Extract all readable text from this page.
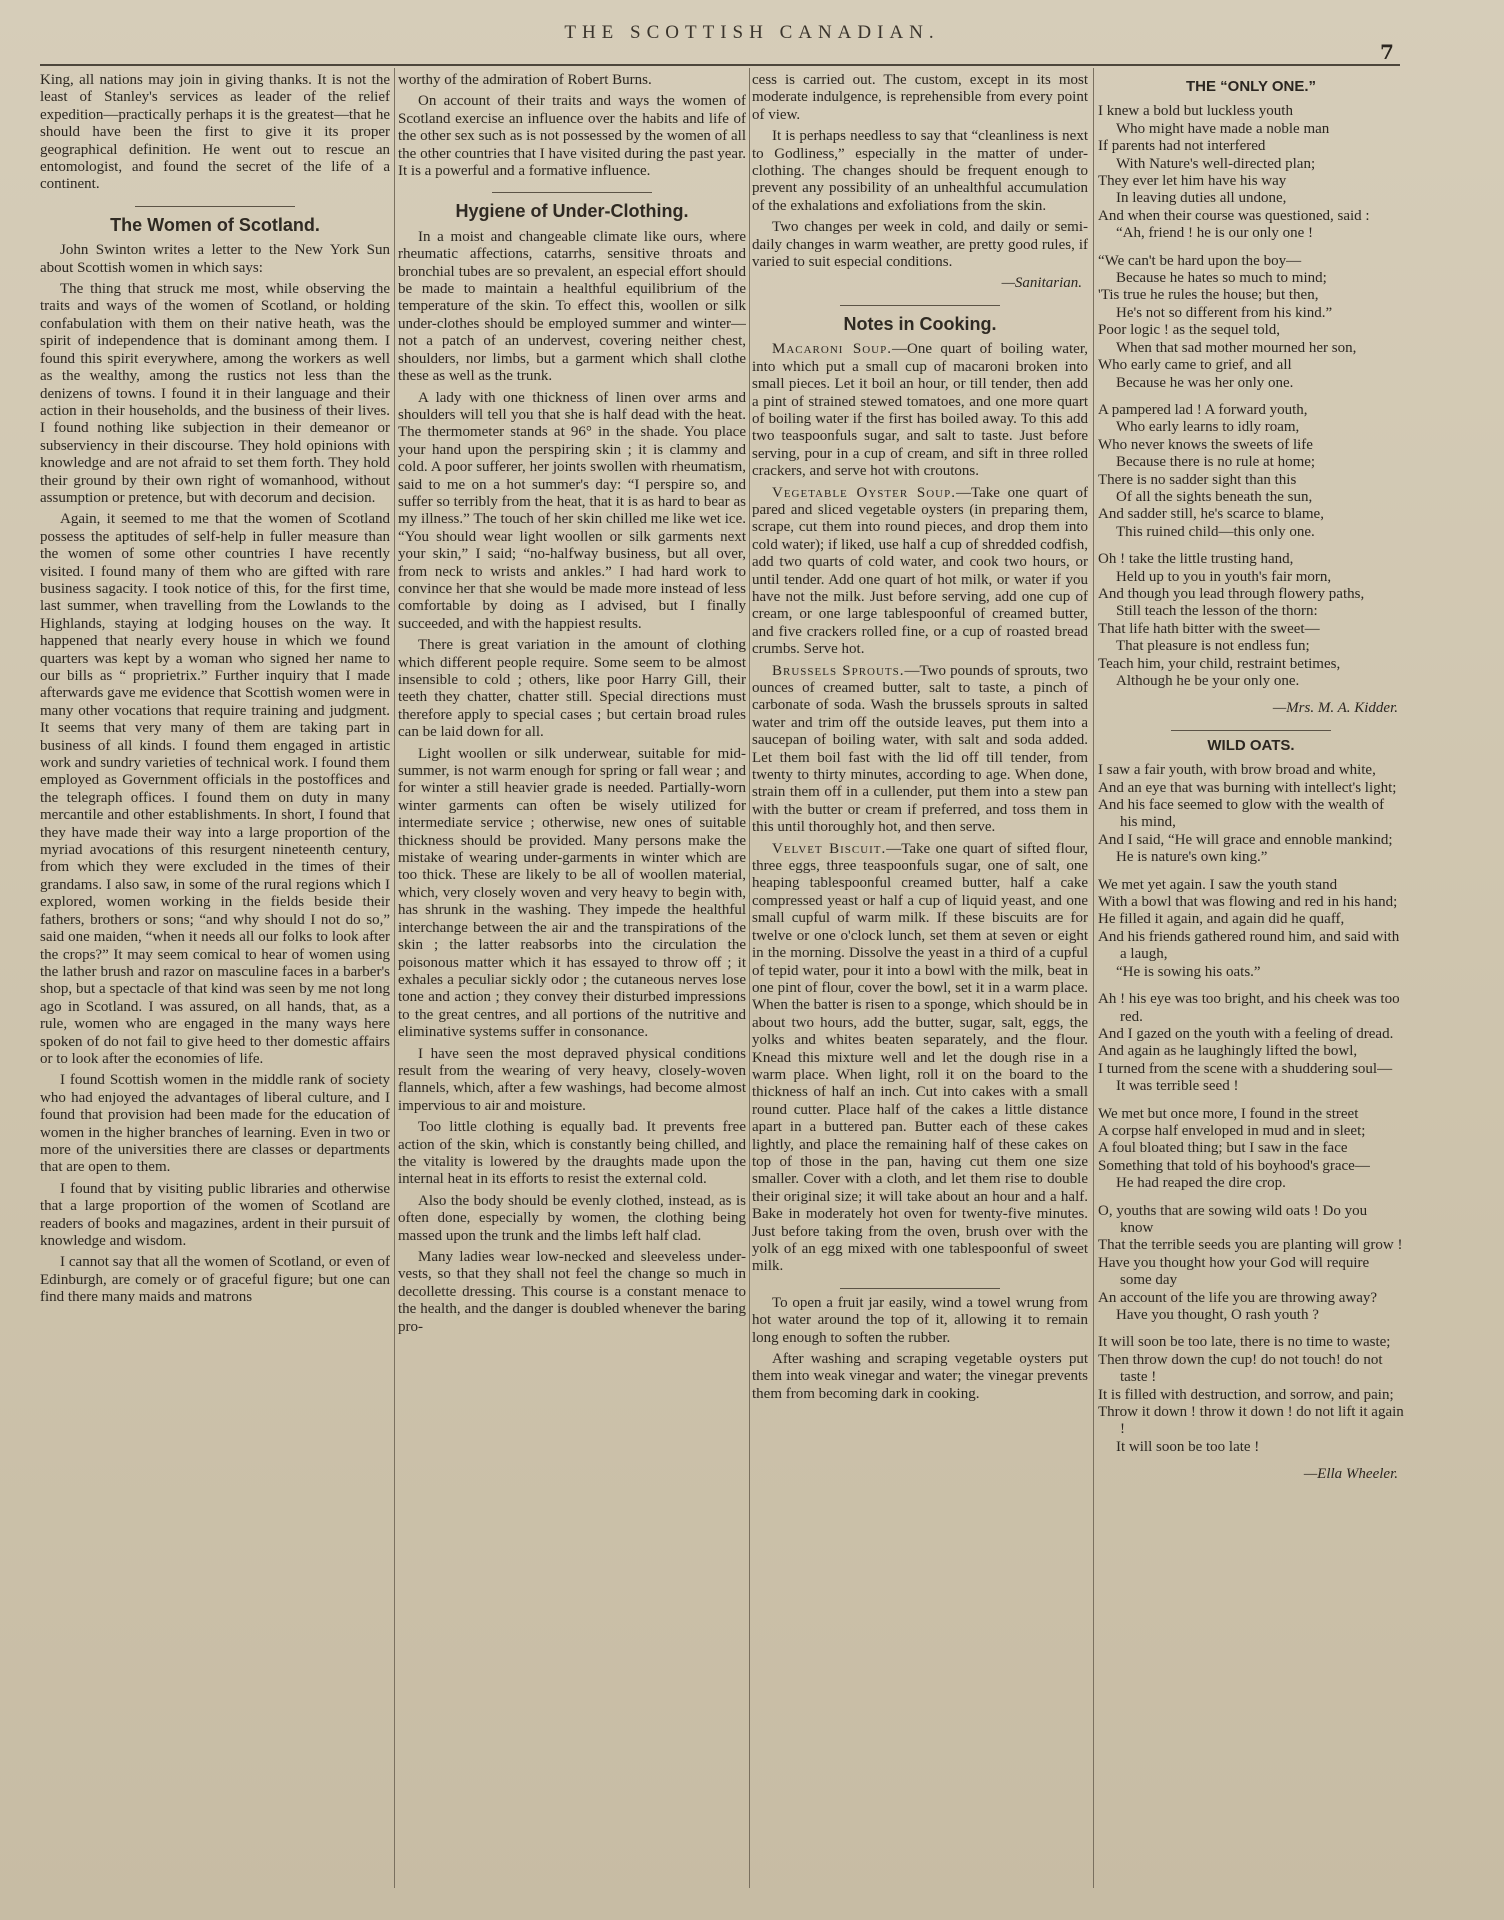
THE SCOTTISH CANADIAN.
7

King, all nations may join in giving thanks. It is not the least of Stanley's services as leader of the relief expedition—practically perhaps it is the greatest—that he should have been the first to give it its proper geographical definition. He went out to rescue an entomologist, and found the secret of the life of a continent.

The Women of Scotland.

John Swinton writes a letter to the New York Sun about Scottish women in which says:

The thing that struck me most, while observing the traits and ways of the women of Scotland, or holding confabulation with them on their native heath, was the spirit of independence that is dominant among them. I found this spirit everywhere, among the workers as well as the wealthy, among the rustics not less than the denizens of towns. I found it in their language and their action in their households, and the business of their lives. I found nothing like subjection in their demeanor or subserviency in their discourse. They hold opinions with knowledge and are not afraid to set them forth. They hold their ground by their own right of womanhood, without assumption or pretence, but with decorum and decision.

Again, it seemed to me that the women of Scotland possess the aptitudes of self-help in fuller measure than the women of some other countries I have recently visited. I found many of them who are gifted with rare business sagacity. I took notice of this, for the first time, last summer, when travelling from the Lowlands to the Highlands, staying at lodging houses on the way. It happened that nearly every house in which we found quarters was kept by a woman who signed her name to our bills as “ proprietrix.” Further inquiry that I made afterwards gave me evidence that Scottish women were in many other vocations that require training and judgment. It seems that very many of them are taking part in business of all kinds. I found them engaged in artistic work and sundry varieties of technical work. I found them employed as Government officials in the postoffices and the telegraph offices. I found them on duty in many mercantile and other establishments. In short, I found that they have made their way into a large proportion of the myriad avocations of this resurgent nineteenth century, from which they were excluded in the times of their grandams. I also saw, in some of the rural regions which I explored, women working in the fields beside their fathers, brothers or sons; “and why should I not do so,” said one maiden, “when it needs all our folks to look after the crops?” It may seem comical to hear of women using the lather brush and razor on masculine faces in a barber's shop, but a spectacle of that kind was seen by me not long ago in Scotland. I was assured, on all hands, that, as a rule, women who are engaged in the many ways here spoken of do not fail to give heed to ther domestic affairs or to look after the economies of life.

I found Scottish women in the middle rank of society who had enjoyed the advantages of liberal culture, and I found that provision had been made for the education of women in the higher branches of learning. Even in two or more of the universities there are classes or departments that are open to them.

I found that by visiting public libraries and otherwise that a large proportion of the women of Scotland are readers of books and magazines, ardent in their pursuit of knowledge and wisdom.

I cannot say that all the women of Scotland, or even of Edinburgh, are comely or of graceful figure; but one can find there many maids and matrons

worthy of the admiration of Robert Burns.

On account of their traits and ways the women of Scotland exercise an influence over the habits and life of the other sex such as is not possessed by the women of all the other countries that I have visited during the past year. It is a powerful and a formative influence.

Hygiene of Under-Clothing.

In a moist and changeable climate like ours, where rheumatic affections, catarrhs, sensitive throats and bronchial tubes are so prevalent, an especial effort should be made to maintain a healthful equilibrium of the temperature of the skin. To effect this, woollen or silk under-clothes should be employed summer and winter—not a patch of an undervest, covering neither chest, shoulders, nor limbs, but a garment which shall clothe these as well as the trunk.

A lady with one thickness of linen over arms and shoulders will tell you that she is half dead with the heat. The thermometer stands at 96° in the shade. You place your hand upon the perspiring skin ; it is clammy and cold. A poor sufferer, her joints swollen with rheumatism, said to me on a hot summer's day: “I perspire so, and suffer so terribly from the heat, that it is as hard to bear as my illness.” The touch of her skin chilled me like wet ice. “You should wear light woollen or silk garments next your skin,” I said; “no-halfway business, but all over, from neck to wrists and ankles.” I had hard work to convince her that she would be made more instead of less comfortable by doing as I advised, but I finally succeeded, and with the happiest results.

There is great variation in the amount of clothing which different people require. Some seem to be almost insensible to cold ; others, like poor Harry Gill, their teeth they chatter, chatter still. Special directions must therefore apply to special cases ; but certain broad rules can be laid down for all.

Light woollen or silk underwear, suitable for mid-summer, is not warm enough for spring or fall wear ; and for winter a still heavier grade is needed. Partially-worn winter garments can often be wisely utilized for intermediate service ; otherwise, new ones of suitable thickness should be provided. Many persons make the mistake of wearing under-garments in winter which are too thick. These are likely to be all of woollen material, which, very closely woven and very heavy to begin with, has shrunk in the washing. They impede the healthful interchange between the air and the transpirations of the skin ; the latter reabsorbs into the circulation the poisonous matter which it has essayed to throw off ; it exhales a peculiar sickly odor ; the cutaneous nerves lose tone and action ; they convey their disturbed impressions to the great centres, and all portions of the nutritive and eliminative systems suffer in consonance.

I have seen the most depraved physical conditions result from the wearing of very heavy, closely-woven flannels, which, after a few washings, had become almost impervious to air and moisture.

Too little clothing is equally bad. It prevents free action of the skin, which is constantly being chilled, and the vitality is lowered by the draughts made upon the internal heat in its efforts to resist the external cold.

Also the body should be evenly clothed, instead, as is often done, especially by women, the clothing being massed upon the trunk and the limbs left half clad.

Many ladies wear low-necked and sleeveless under-vests, so that they shall not feel the change so much in decollette dressing. This course is a constant menace to the health, and the danger is doubled whenever the baring pro-

cess is carried out. The custom, except in its most moderate indulgence, is reprehensible from every point of view.

It is perhaps needless to say that “cleanliness is next to Godliness,” especially in the matter of under-clothing. The changes should be frequent enough to prevent any possibility of an unhealthful accumulation of the exhalations and exfoliations from the skin.

Two changes per week in cold, and daily or semi-daily changes in warm weather, are pretty good rules, if varied to suit especial conditions.

—Sanitarian.
Notes in Cooking.

Macaroni Soup.—One quart of boiling water, into which put a small cup of macaroni broken into small pieces. Let it boil an hour, or till tender, then add a pint of strained stewed tomatoes, and one more quart of boiling water if the first has boiled away. To this add two teaspoonfuls sugar, and salt to taste. Just before serving, pour in a cup of cream, and sift in three rolled crackers, and serve hot with croutons.

Vegetable Oyster Soup.—Take one quart of pared and sliced vegetable oysters (in preparing them, scrape, cut them into round pieces, and drop them into cold water); if liked, use half a cup of shredded codfish, add two quarts of cold water, and cook two hours, or until tender. Add one quart of hot milk, or water if you have not the milk. Just before serving, add one cup of cream, or one large tablespoonful of creamed butter, and five crackers rolled fine, or a cup of roasted bread crumbs. Serve hot.

Brussels Sprouts.—Two pounds of sprouts, two ounces of creamed butter, salt to taste, a pinch of carbonate of soda. Wash the brussels sprouts in salted water and trim off the outside leaves, put them into a saucepan of boiling water, with salt and soda added. Let them boil fast with the lid off till tender, from twenty to thirty minutes, according to age. When done, strain them off in a cullender, put them into a stew pan with the butter or cream if preferred, and toss them in this until thoroughly hot, and then serve.

Velvet Biscuit.—Take one quart of sifted flour, three eggs, three teaspoonfuls sugar, one of salt, one heaping tablespoonful creamed butter, half a cake compressed yeast or half a cup of liquid yeast, and one small cupful of warm milk. If these biscuits are for twelve or one o'clock lunch, set them at seven or eight in the morning. Dissolve the yeast in a third of a cupful of tepid water, pour it into a bowl with the milk, beat in one pint of flour, cover the bowl, set it in a warm place. When the batter is risen to a sponge, which should be in about two hours, add the butter, sugar, salt, eggs, the yolks and whites beaten separately, and the flour. Knead this mixture well and let the dough rise in a warm place. When light, roll it on the board to the thickness of half an inch. Cut into cakes with a small round cutter. Place half of the cakes a little distance apart in a buttered pan. Butter each of these cakes lightly, and place the remaining half of these cakes on top of those in the pan, having cut them one size smaller. Cover with a cloth, and let them rise to double their original size; it will take about an hour and a half. Bake in moderately hot oven for twenty-five minutes. Just before taking from the oven, brush over with the yolk of an egg mixed with one tablespoonful of sweet milk.

To open a fruit jar easily, wind a towel wrung from hot water around the top of it, allowing it to remain long enough to soften the rubber.

After washing and scraping vegetable oysters put them into weak vinegar and water; the vinegar prevents them from becoming dark in cooking.

THE “ONLY ONE.”
I knew a bold but luckless youth
Who might have made a noble man
If parents had not interfered
With Nature's well-directed plan;
They ever let him have his way
In leaving duties all undone,
And when their course was questioned, said :
“Ah, friend ! he is our only one !
“We can't be hard upon the boy—
Because he hates so much to mind;
'Tis true he rules the house; but then,
He's not so different from his kind.”
Poor logic ! as the sequel told,
When that sad mother mourned her son,
Who early came to grief, and all
Because he was her only one.
A pampered lad ! A forward youth,
Who early learns to idly roam,
Who never knows the sweets of life
Because there is no rule at home;
There is no sadder sight than this
Of all the sights beneath the sun,
And sadder still, he's scarce to blame,
This ruined child—this only one.
Oh ! take the little trusting hand,
Held up to you in youth's fair morn,
And though you lead through flowery paths,
Still teach the lesson of the thorn:
That life hath bitter with the sweet—
That pleasure is not endless fun;
Teach him, your child, restraint betimes,
Although he be your only one.
—Mrs. M. A. Kidder.
WILD OATS.
I saw a fair youth, with brow broad and white,
And an eye that was burning with intellect's light;
And his face seemed to glow with the wealth of his mind,
And I said, “He will grace and ennoble mankind;
He is nature's own king.”
We met yet again. I saw the youth stand
With a bowl that was flowing and red in his hand;
He filled it again, and again did he quaff,
And his friends gathered round him, and said with a laugh,
“He is sowing his oats.”
Ah ! his eye was too bright, and his cheek was too red.
And I gazed on the youth with a feeling of dread.
And again as he laughingly lifted the bowl,
I turned from the scene with a shuddering soul—
It was terrible seed !
We met but once more, I found in the street
A corpse half enveloped in mud and in sleet;
A foul bloated thing; but I saw in the face
Something that told of his boyhood's grace—
He had reaped the dire crop.
O, youths that are sowing wild oats ! Do you know
That the terrible seeds you are planting will grow !
Have you thought how your God will require some day
An account of the life you are throwing away?
Have you thought, O rash youth ?
It will soon be too late, there is no time to waste;
Then throw down the cup! do not touch! do not taste !
It is filled with destruction, and sorrow, and pain;
Throw it down ! throw it down ! do not lift it again !
It will soon be too late !
—Ella Wheeler.
